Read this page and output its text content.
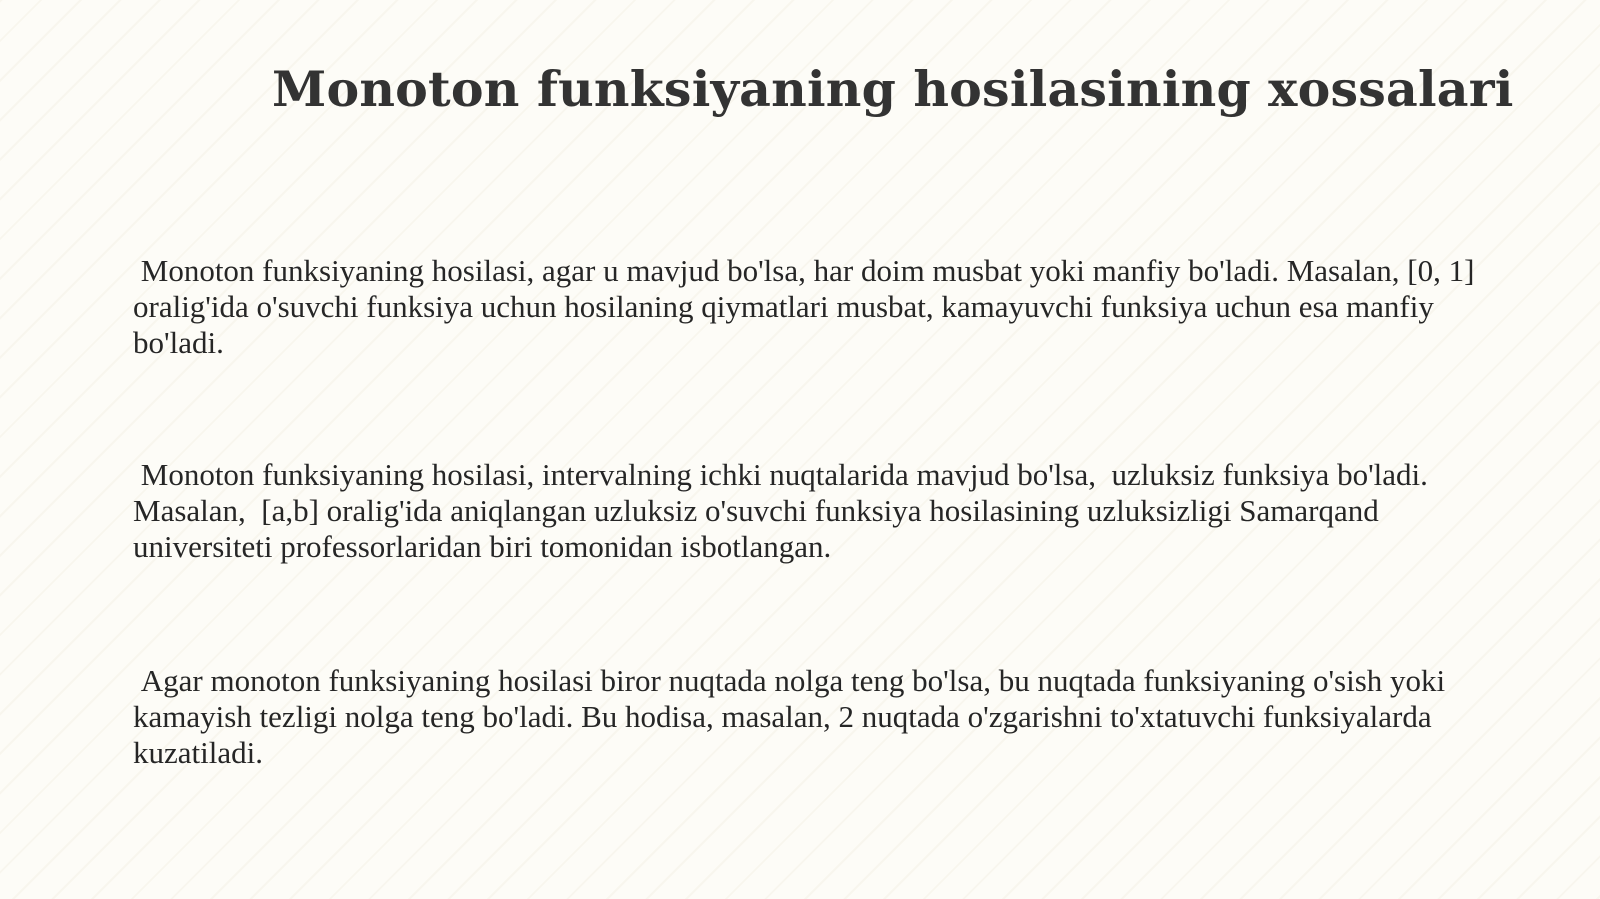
Monoton funksiyaning hosilasining xossalari

Monoton funksiyaning hosilasi, agar u mavjud bo'lsa, har doim musbat yoki manfiy bo'ladi. Masalan, [0, 1] oralig'ida o'suvchi funksiya uchun hosilaning qiymatlari musbat, kamayuvchi funksiya uchun esa manfiy bo'ladi.

Monoton funksiyaning hosilasi, intervalning ichki nuqtalarida mavjud bo'lsa,  uzluksiz funksiya bo'ladi.  Masalan,  [a,b] oralig'ida aniqlangan uzluksiz o'suvchi funksiya hosilasining uzluksizligi Samarqand universiteti professorlaridan biri tomonidan isbotlangan.

Agar monoton funksiyaning hosilasi biror nuqtada nolga teng bo'lsa, bu nuqtada funksiyaning o'sish yoki kamayish tezligi nolga teng bo'ladi. Bu hodisa, masalan, 2 nuqtada o'zgarishni to'xtatuvchi funksiyalarda kuzatiladi.
